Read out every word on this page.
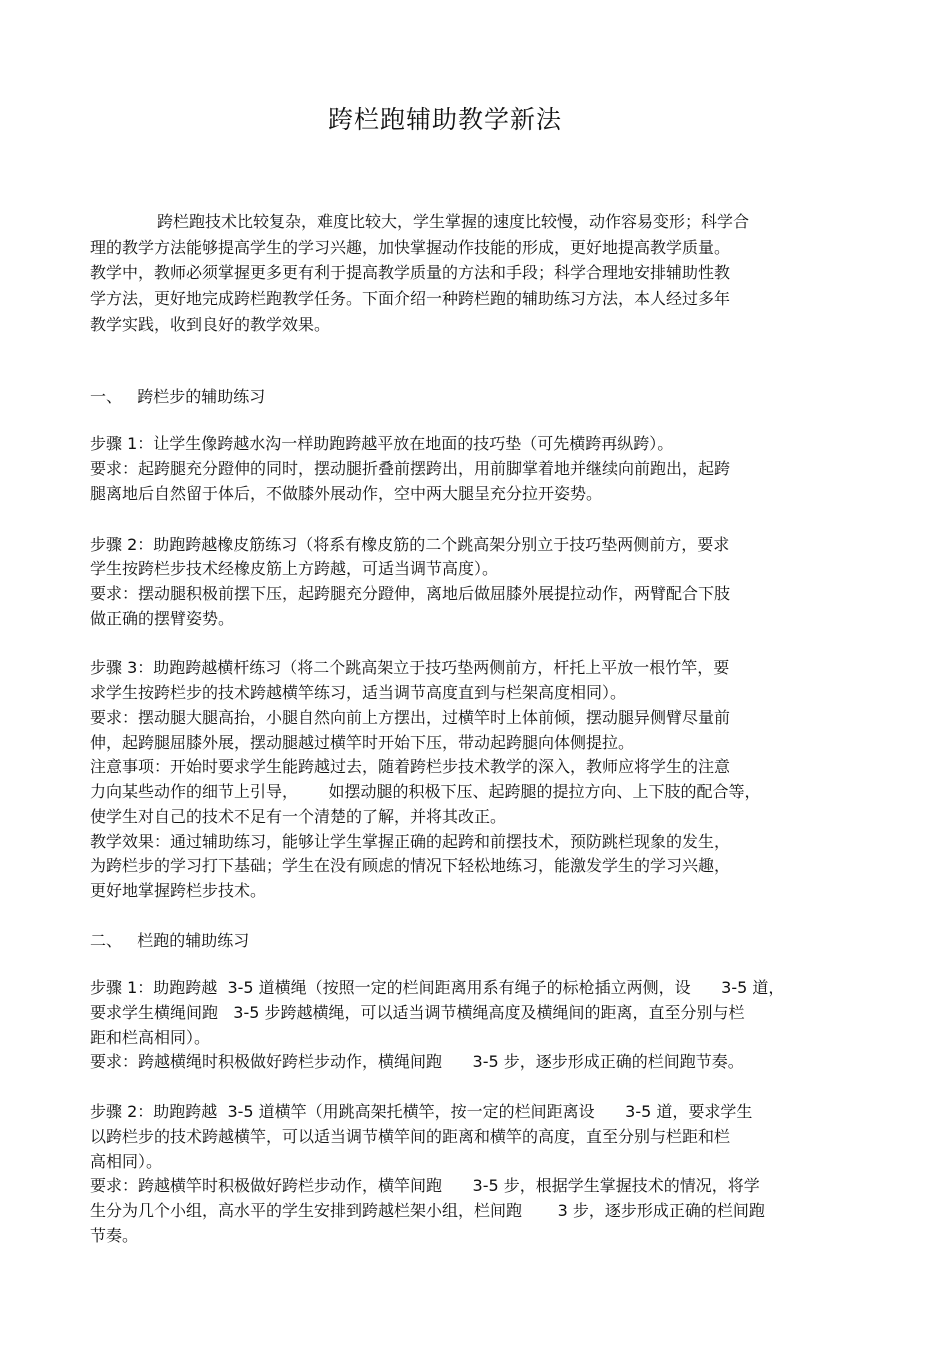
跨栏跑辅助教学新法
跨栏跑技术比较复杂，难度比较大，学生掌握的速度比较慢，动作容易变形；科学合
理的教学方法能够提高学生的学习兴趣，加快掌握动作技能的形成，更好地提高教学质量。
教学中，教师必须掌握更多更有利于提高教学质量的方法和手段；科学合理地安排辅助性教
学方法，更好地完成跨栏跑教学任务。下面介绍一种跨栏跑的辅助练习方法，本人经过多年
教学实践，收到良好的教学效果。
一、   跨栏步的辅助练习
步骤 1：让学生像跨越水沟一样助跑跨越平放在地面的技巧垫（可先横跨再纵跨）。
要求：起跨腿充分蹬伸的同时，摆动腿折叠前摆跨出，用前脚掌着地并继续向前跑出，起跨
腿离地后自然留于体后，不做膝外展动作，空中两大腿呈充分拉开姿势。
步骤 2：助跑跨越橡皮筋练习（将系有橡皮筋的二个跳高架分别立于技巧垫两侧前方，要求
学生按跨栏步技术经橡皮筋上方跨越，可适当调节高度）。
要求：摆动腿积极前摆下压，起跨腿充分蹬伸，离地后做屈膝外展提拉动作，两臂配合下肢
做正确的摆臂姿势。
步骤 3：助跑跨越横杆练习（将二个跳高架立于技巧垫两侧前方，杆托上平放一根竹竿，要
求学生按跨栏步的技术跨越横竿练习，适当调节高度直到与栏架高度相同）。
要求：摆动腿大腿高抬，小腿自然向前上方摆出，过横竿时上体前倾，摆动腿异侧臂尽量前
伸，起跨腿屈膝外展，摆动腿越过横竿时开始下压，带动起跨腿向体侧提拉。
注意事项：开始时要求学生能跨越过去，随着跨栏步技术教学的深入，教师应将学生的注意
力向某些动作的细节上引导，      如摆动腿的积极下压、起跨腿的提拉方向、上下肢的配合等，
使学生对自己的技术不足有一个清楚的了解，并将其改正。
教学效果：通过辅助练习，能够让学生掌握正确的起跨和前摆技术，预防跳栏现象的发生，
为跨栏步的学习打下基础；学生在没有顾虑的情况下轻松地练习，能激发学生的学习兴趣，
更好地掌握跨栏步技术。
二、   栏跑的辅助练习
步骤 1：助跑跨越  3-5 道横绳（按照一定的栏间距离用系有绳子的标枪插立两侧，设      3-5 道，
要求学生横绳间跑   3-5 步跨越横绳，可以适当调节横绳高度及横绳间的距离，直至分别与栏
距和栏高相同）。
要求：跨越横绳时积极做好跨栏步动作，横绳间跑      3-5 步，逐步形成正确的栏间跑节奏。
步骤 2：助跑跨越  3-5 道横竿（用跳高架托横竿，按一定的栏间距离设      3-5 道，要求学生
以跨栏步的技术跨越横竿，可以适当调节横竿间的距离和横竿的高度，直至分别与栏距和栏
高相同）。
要求：跨越横竿时积极做好跨栏步动作，横竿间跑      3-5 步，根据学生掌握技术的情况，将学
生分为几个小组，高水平的学生安排到跨越栏架小组，栏间跑       3 步，逐步形成正确的栏间跑
节奏。
